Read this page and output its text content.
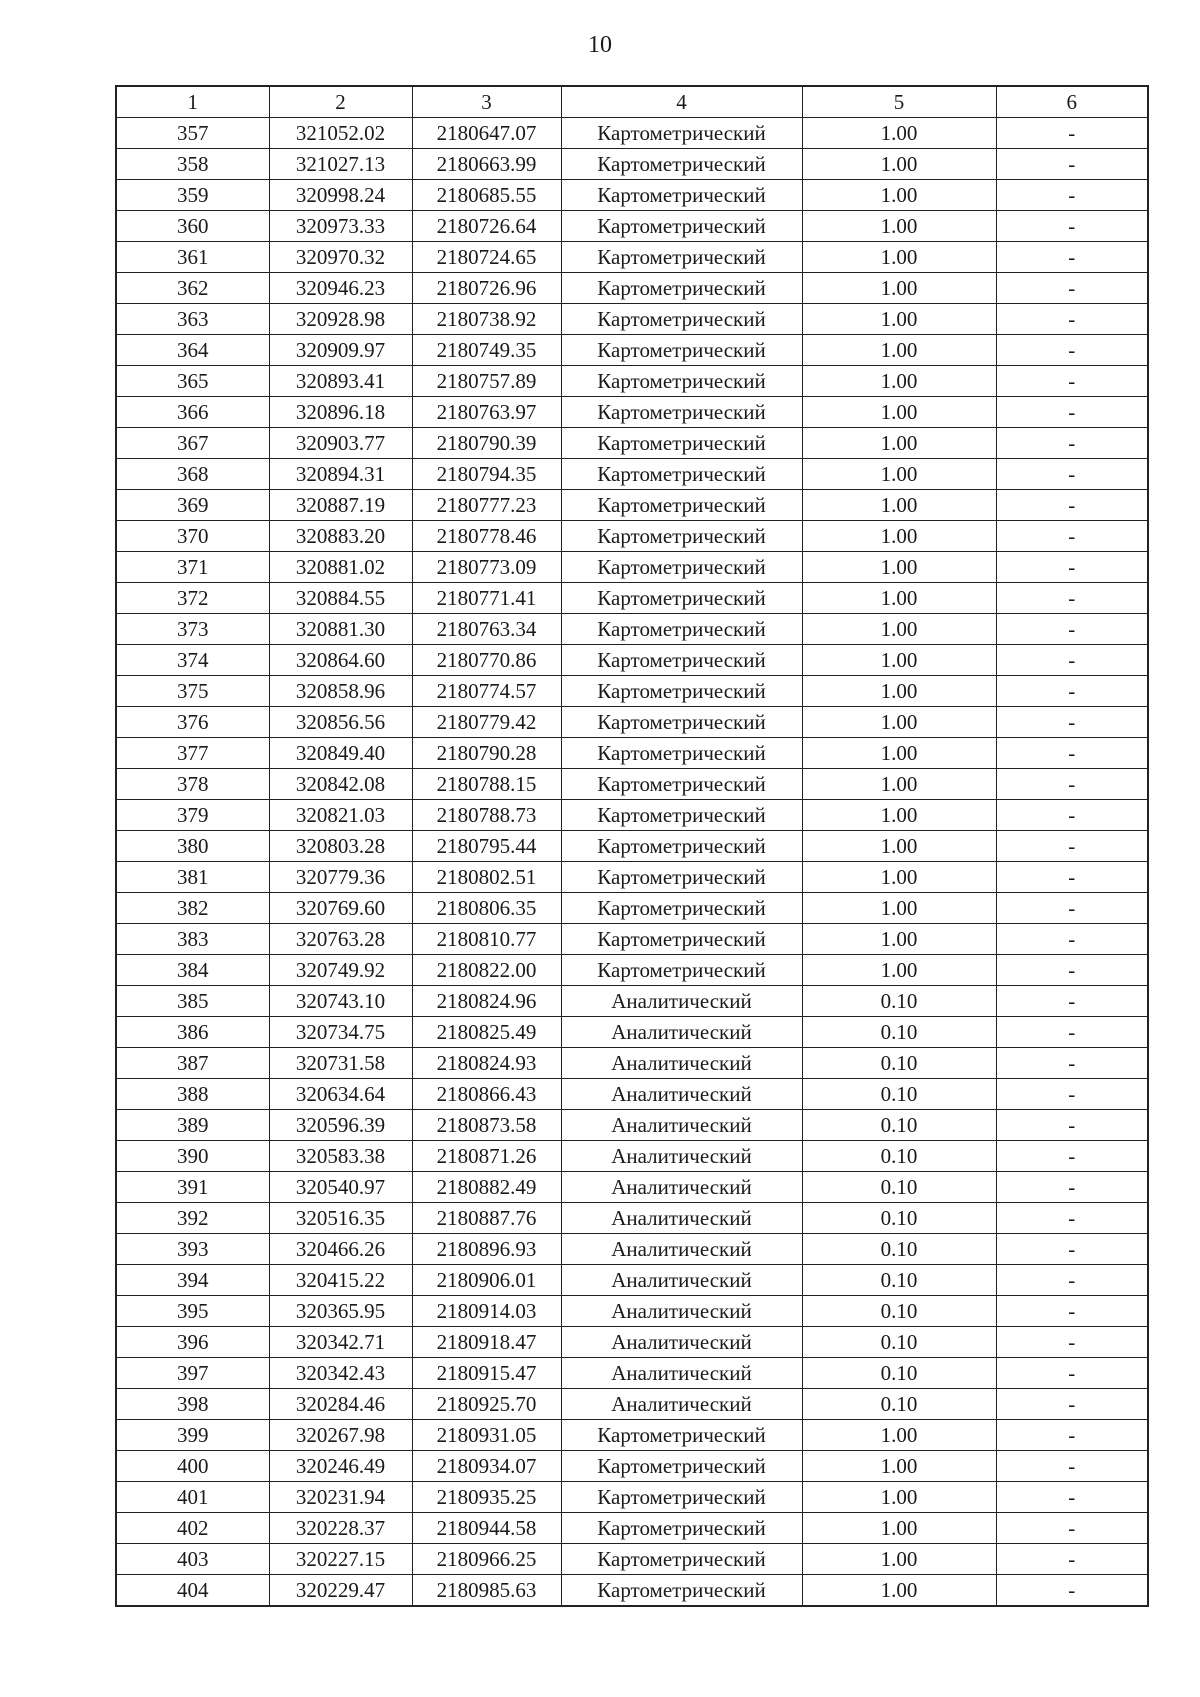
10
1	2	3	4	5	6
357	321052.02	2180647.07	Картометрический	1.00	-
358	321027.13	2180663.99	Картометрический	1.00	-
359	320998.24	2180685.55	Картометрический	1.00	-
360	320973.33	2180726.64	Картометрический	1.00	-
361	320970.32	2180724.65	Картометрический	1.00	-
362	320946.23	2180726.96	Картометрический	1.00	-
363	320928.98	2180738.92	Картометрический	1.00	-
364	320909.97	2180749.35	Картометрический	1.00	-
365	320893.41	2180757.89	Картометрический	1.00	-
366	320896.18	2180763.97	Картометрический	1.00	-
367	320903.77	2180790.39	Картометрический	1.00	-
368	320894.31	2180794.35	Картометрический	1.00	-
369	320887.19	2180777.23	Картометрический	1.00	-
370	320883.20	2180778.46	Картометрический	1.00	-
371	320881.02	2180773.09	Картометрический	1.00	-
372	320884.55	2180771.41	Картометрический	1.00	-
373	320881.30	2180763.34	Картометрический	1.00	-
374	320864.60	2180770.86	Картометрический	1.00	-
375	320858.96	2180774.57	Картометрический	1.00	-
376	320856.56	2180779.42	Картометрический	1.00	-
377	320849.40	2180790.28	Картометрический	1.00	-
378	320842.08	2180788.15	Картометрический	1.00	-
379	320821.03	2180788.73	Картометрический	1.00	-
380	320803.28	2180795.44	Картометрический	1.00	-
381	320779.36	2180802.51	Картометрический	1.00	-
382	320769.60	2180806.35	Картометрический	1.00	-
383	320763.28	2180810.77	Картометрический	1.00	-
384	320749.92	2180822.00	Картометрический	1.00	-
385	320743.10	2180824.96	Аналитический	0.10	-
386	320734.75	2180825.49	Аналитический	0.10	-
387	320731.58	2180824.93	Аналитический	0.10	-
388	320634.64	2180866.43	Аналитический	0.10	-
389	320596.39	2180873.58	Аналитический	0.10	-
390	320583.38	2180871.26	Аналитический	0.10	-
391	320540.97	2180882.49	Аналитический	0.10	-
392	320516.35	2180887.76	Аналитический	0.10	-
393	320466.26	2180896.93	Аналитический	0.10	-
394	320415.22	2180906.01	Аналитический	0.10	-
395	320365.95	2180914.03	Аналитический	0.10	-
396	320342.71	2180918.47	Аналитический	0.10	-
397	320342.43	2180915.47	Аналитический	0.10	-
398	320284.46	2180925.70	Аналитический	0.10	-
399	320267.98	2180931.05	Картометрический	1.00	-
400	320246.49	2180934.07	Картометрический	1.00	-
401	320231.94	2180935.25	Картометрический	1.00	-
402	320228.37	2180944.58	Картометрический	1.00	-
403	320227.15	2180966.25	Картометрический	1.00	-
404	320229.47	2180985.63	Картометрический	1.00	-
